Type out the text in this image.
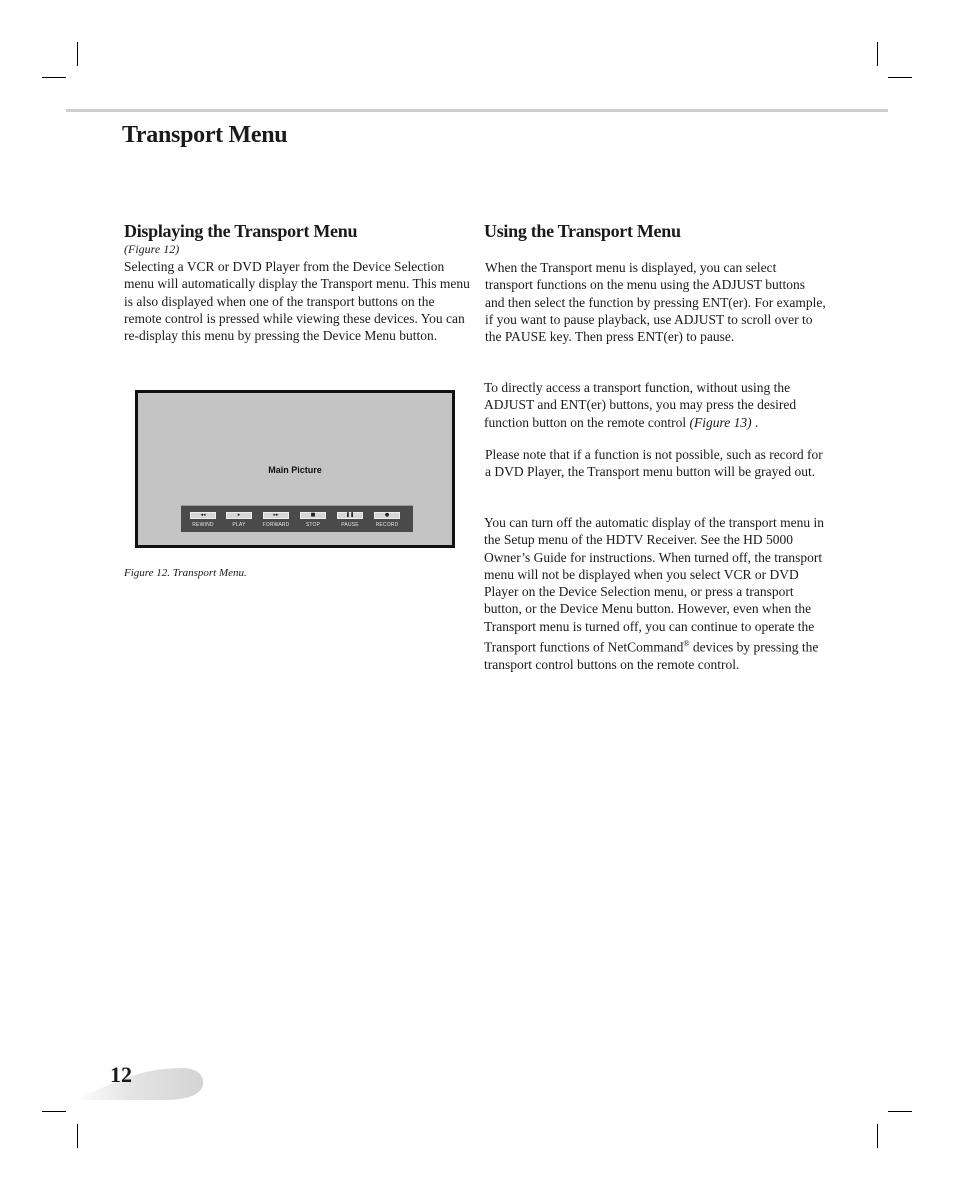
Transport Menu
Displaying the Transport Menu
(Figure 12)

Selecting a VCR or DVD Player from the Device Selection menu will automatically display the Transport menu. This menu is also displayed when one of the transport buttons on the remote control is pressed while viewing these devices. You can re-display this menu by pressing the Device Menu button.

Main Picture
◂◂
REWIND
▸
PLAY
▸▸
FORWARD
■
STOP
❚❚
PAUSE
●
RECORD
Figure 12. Transport Menu.
Using the Transport Menu

When the Transport menu is displayed, you can select transport functions on the menu using the ADJUST buttons and then select the function by pressing ENT(er). For example, if you want to pause playback, use ADJUST to scroll over to the PAUSE key. Then press ENT(er) to pause.

To directly access a transport function, without using the ADJUST and ENT(er) buttons, you may press the desired function button on the remote control (Figure 13) .

Please note that if a function is not possible, such as record for a DVD Player, the Transport menu button will be grayed out.

You can turn off the automatic display of the transport menu in the Setup menu of the HDTV Receiver. See the HD 5000 Owner’s Guide for instructions. When turned off, the transport menu will not be displayed when you select VCR or DVD Player on the Device Selection menu, or press a transport button, or the Device Menu button. However, even when the Transport menu is turned off, you can continue to operate the Transport functions of NetCommand® devices by pressing the transport control buttons on the remote control.

12
